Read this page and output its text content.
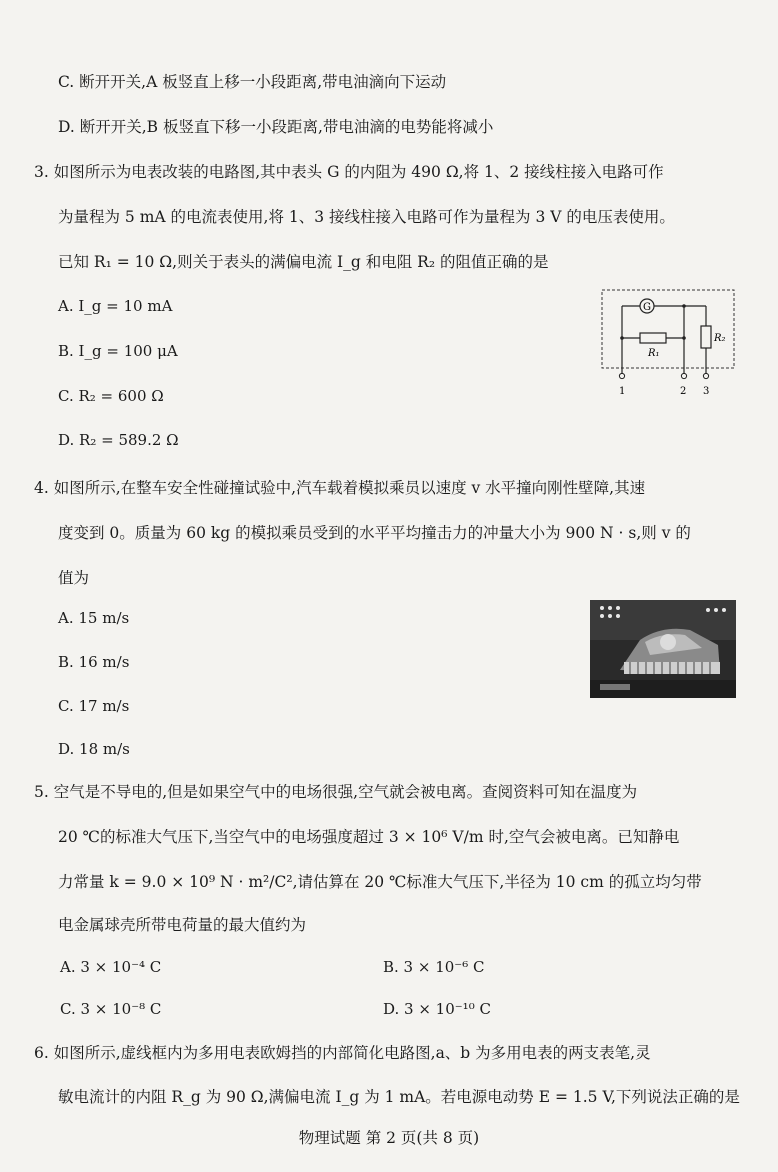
C. 断开开关,A 板竖直上移一小段距离,带电油滴向下运动
D. 断开开关,B 板竖直下移一小段距离,带电油滴的电势能将减小
3. 如图所示为电表改装的电路图,其中表头 G 的内阻为 490 Ω,将 1、2 接线柱接入电路可作
为量程为 5 mA 的电流表使用,将 1、3 接线柱接入电路可作为量程为 3 V 的电压表使用。
已知 R₁ = 10 Ω,则关于表头的满偏电流 I_g 和电阻 R₂ 的阻值正确的是
A. I_g = 10 mA
B. I_g = 100 μA
C. R₂ = 600 Ω
D. R₂ = 589.2 Ω
G
R₁
R₂
1	2 3
4. 如图所示,在整车安全性碰撞试验中,汽车载着模拟乘员以速度 v 水平撞向刚性壁障,其速
度变到 0。质量为 60 kg 的模拟乘员受到的水平平均撞击力的冲量大小为 900 N · s,则 v 的
值为
A. 15 m/s
B. 16 m/s
C. 17 m/s
D. 18 m/s
5. 空气是不导电的,但是如果空气中的电场很强,空气就会被电离。查阅资料可知在温度为
20 ℃的标准大气压下,当空气中的电场强度超过 3 × 10⁶ V/m 时,空气会被电离。已知静电
力常量 k = 9.0 × 10⁹ N · m²/C²,请估算在 20 ℃标准大气压下,半径为 10 cm 的孤立均匀带
电金属球壳所带电荷量的最大值约为
A. 3 × 10⁻⁴ C	B. 3 × 10⁻⁶ C
C. 3 × 10⁻⁸ C	D. 3 × 10⁻¹⁰ C
6. 如图所示,虚线框内为多用电表欧姆挡的内部简化电路图,a、b 为多用电表的两支表笔,灵
敏电流计的内阻 R_g 为 90 Ω,满偏电流 I_g 为 1 mA。若电源电动势 E = 1.5 V,下列说法正确的是
物理试题 第 2 页(共 8 页)
